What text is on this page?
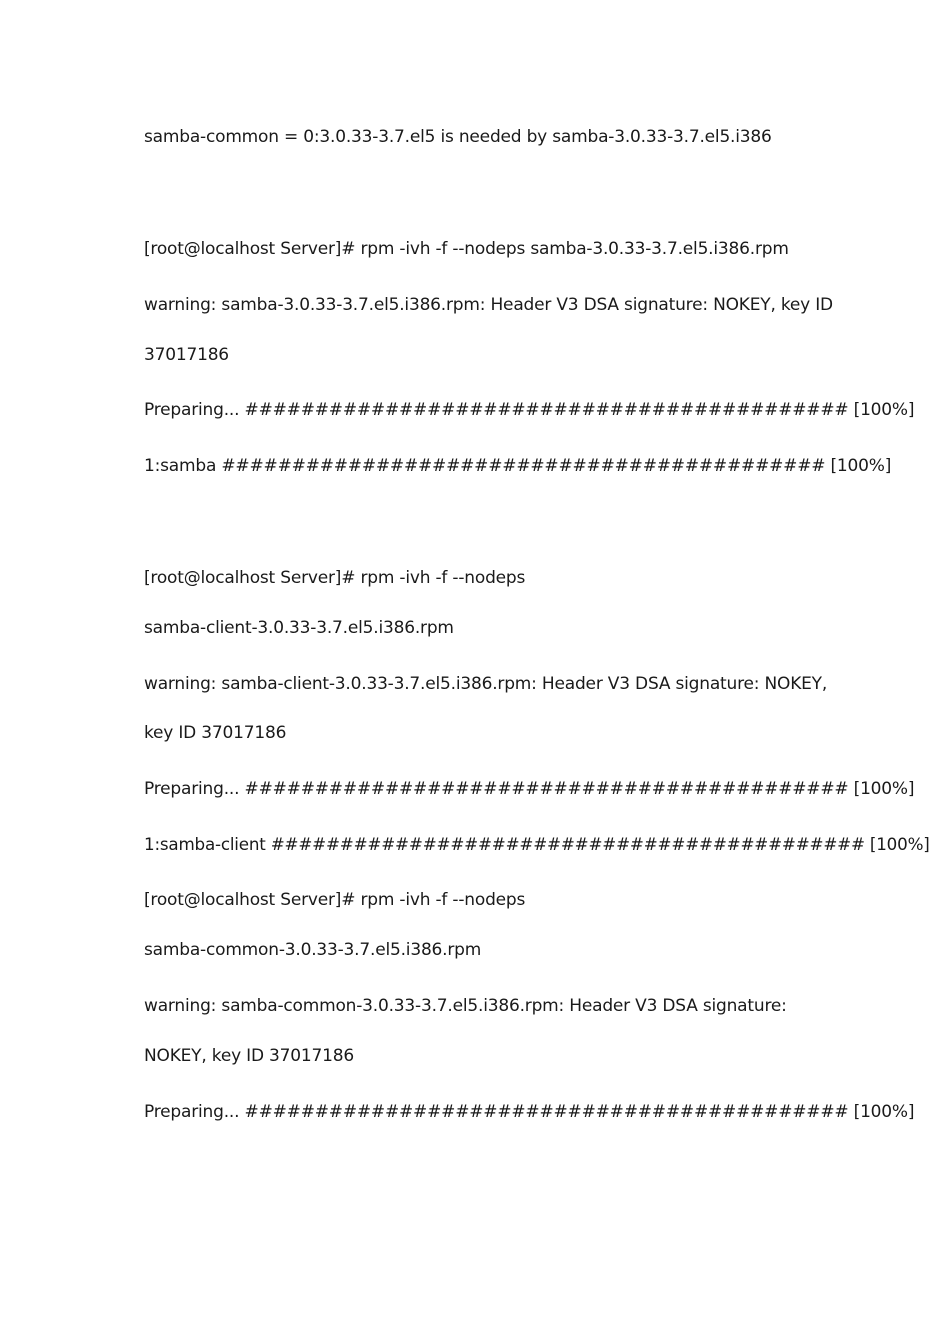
samba-common = 0:3.0.33-3.7.el5 is needed by samba-3.0.33-3.7.el5.i386
[root@localhost Server]# rpm -ivh -f --nodeps samba-3.0.33-3.7.el5.i386.rpm
warning: samba-3.0.33-3.7.el5.i386.rpm: Header V3 DSA signature: NOKEY, key ID
37017186
Preparing... ########################################### [100%]
1:samba ########################################### [100%]
[root@localhost Server]# rpm -ivh -f --nodeps
samba-client-3.0.33-3.7.el5.i386.rpm
warning: samba-client-3.0.33-3.7.el5.i386.rpm: Header V3 DSA signature: NOKEY,
key ID 37017186
Preparing... ########################################### [100%]
1:samba-client ########################################### [100%]
[root@localhost Server]# rpm -ivh -f --nodeps
samba-common-3.0.33-3.7.el5.i386.rpm
warning: samba-common-3.0.33-3.7.el5.i386.rpm: Header V3 DSA signature:
NOKEY, key ID 37017186
Preparing... ########################################### [100%]
